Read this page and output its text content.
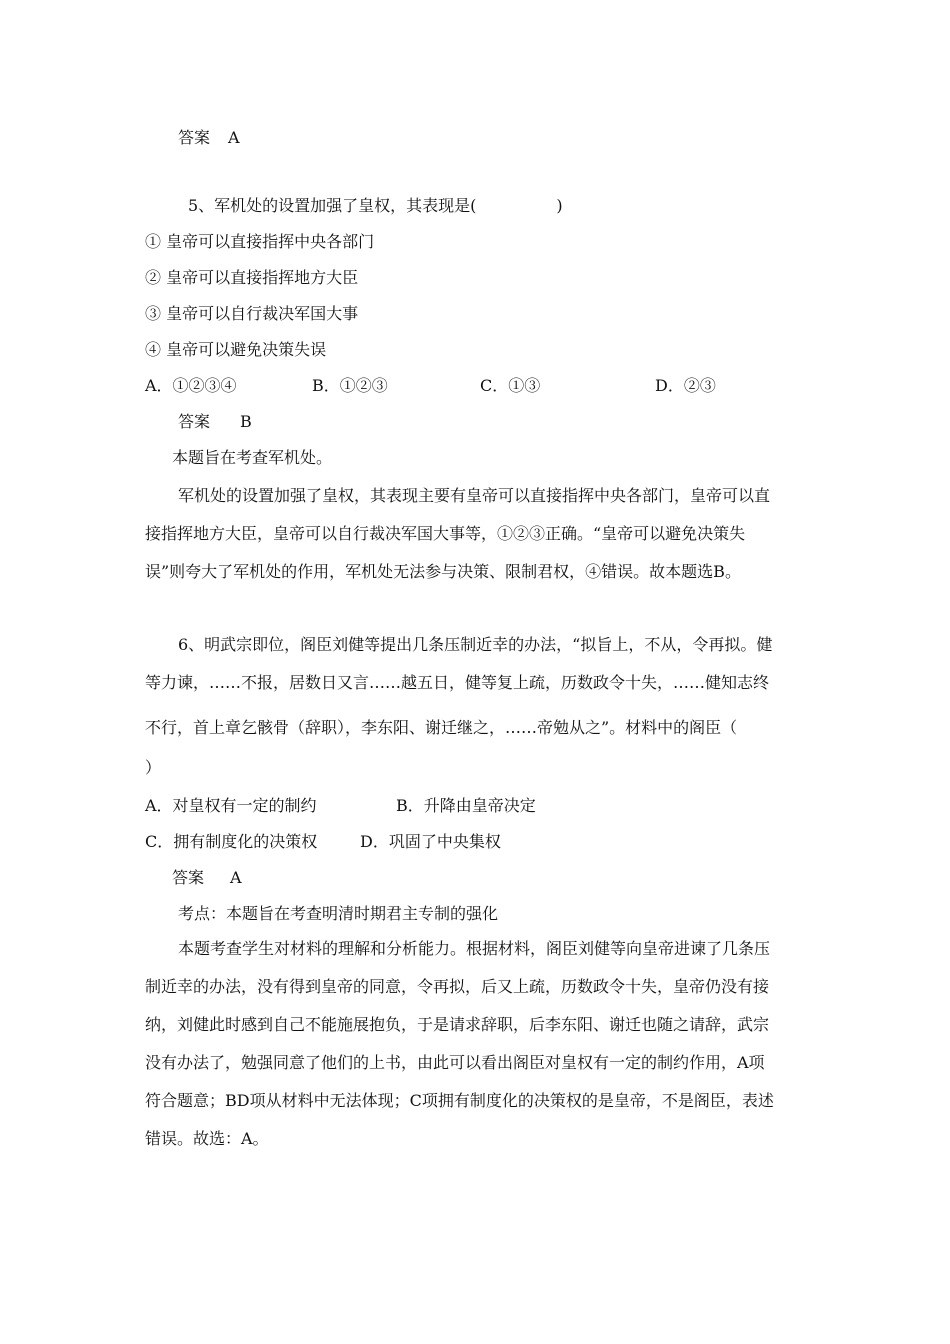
答案 A
5、军机处的设置加强了皇权，其表现是(　　　　　)
① 皇帝可以直接指挥中央各部门
② 皇帝可以直接指挥地方大臣
③ 皇帝可以自行裁决军国大事
④ 皇帝可以避免决策失误
A．①②③④	B．①②③	C．①③	D．②③
答案 B
本题旨在考查军机处。
军机处的设置加强了皇权，其表现主要有皇帝可以直接指挥中央各部门，皇帝可以直
接指挥地方大臣，皇帝可以自行裁决军国大事等，①②③正确。“皇帝可以避免决策失
误”则夸大了军机处的作用，军机处无法参与决策、限制君权，④错误。故本题选B。
6、明武宗即位，阁臣刘健等提出几条压制近幸的办法，“拟旨上，不从，令再拟。健
等力谏，……不报，居数日又言……越五日，健等复上疏，历数政令十失，……健知志终
不行，首上章乞骸骨（辞职），李东阳、谢迁继之，……帝勉从之”。材料中的阁臣（
）
A．对皇权有一定的制约	B．升降由皇帝决定
C．拥有制度化的决策权	D．巩固了中央集权
答案 A
考点：本题旨在考查明清时期君主专制的强化
本题考查学生对材料的理解和分析能力。根据材料，阁臣刘健等向皇帝进谏了几条压
制近幸的办法，没有得到皇帝的同意，令再拟，后又上疏，历数政令十失，皇帝仍没有接
纳，刘健此时感到自己不能施展抱负，于是请求辞职，后李东阳、谢迁也随之请辞，武宗
没有办法了，勉强同意了他们的上书，由此可以看出阁臣对皇权有一定的制约作用，A项
符合题意；BD项从材料中无法体现；C项拥有制度化的决策权的是皇帝，不是阁臣，表述
错误。故选：A。
